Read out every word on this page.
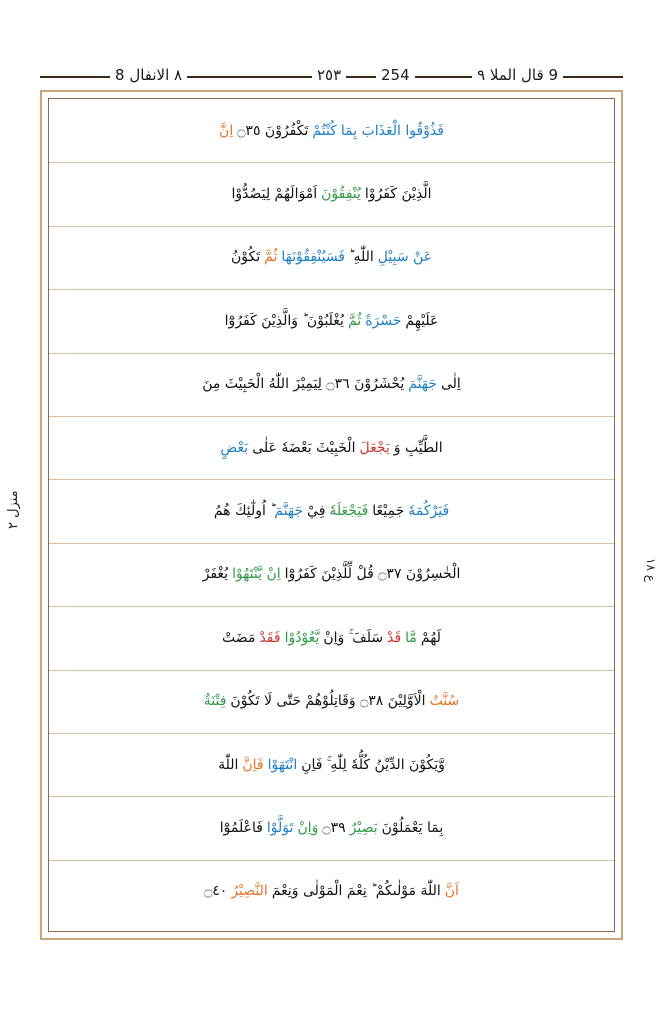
٨ الانفال 8	٢٥٣	254	9 قال الملا ٩
منزل ٢
ع ١٨
فَذُوْقُوا الْعَذَابَ بِمَا
كُنْتُمْ
تَكْفُرُوْنَ ۝٣٥
اِنَّ
الَّذِيْنَ كَفَرُوْا
يُنْفِقُوْنَ
اَمْوَالَهُمْ لِيَصُدُّوْا
عَنْ سَبِيْلِ
اللّٰهِ ؕ
فَسَيُنْفِقُوْنَهَا
ثُمَّ
تَكُوْنُ
عَلَيْهِمْ
حَسْرَةً
ثُمَّ
يُغْلَبُوْنَ ؕ وَالَّذِيْنَ كَفَرُوْٓا
اِلٰى
جَهَنَّمَ
يُحْشَرُوْنَ ۝٣٦ لِيَمِيْزَ اللّٰهُ الْخَبِيْثَ مِنَ
الطَّيِّبِ وَ
يَجْعَلَ
الْخَبِيْثَ بَعْضَهٗ عَلٰى
بَعْضٍ
فَيَرْكُمَهٗ
جَمِيْعًا
فَيَجْعَلَهٗ
فِيْ
جَهَنَّمَ
ؕ اُولٰٓئِكَ هُمُ
الْخٰسِرُوْنَ ۝٣٧ قُلْ لِّلَّذِيْنَ كَفَرُوْٓا
اِنْ يَّنْتَهُوْا
يُغْفَرْ
لَهُمْ
مَّا
قَدْ
سَلَفَ ۚ وَاِنْ
يَّعُوْدُوْا
فَقَدْ
مَضَتْ
سُنَّتُ
الْاَوَّلِيْنَ ۝٣٨ وَقَاتِلُوْهُمْ حَتّٰى لَا تَكُوْنَ
فِتْنَةٌ
وَّيَكُوْنَ الدِّيْنُ كُلُّهٗ لِلّٰهِ ۚ فَاِنِ
انْتَهَوْا
فَاِنَّ
اللّٰهَ
بِمَا يَعْمَلُوْنَ
بَصِيْرٌ
۝٣٩
وَاِنْ
تَوَلَّوْا
فَاعْلَمُوْٓا
اَنَّ
اللّٰهَ مَوْلٰىكُمْ ؕ نِعْمَ الْمَوْلٰى وَنِعْمَ
النَّصِيْرُ
۝٤٠
